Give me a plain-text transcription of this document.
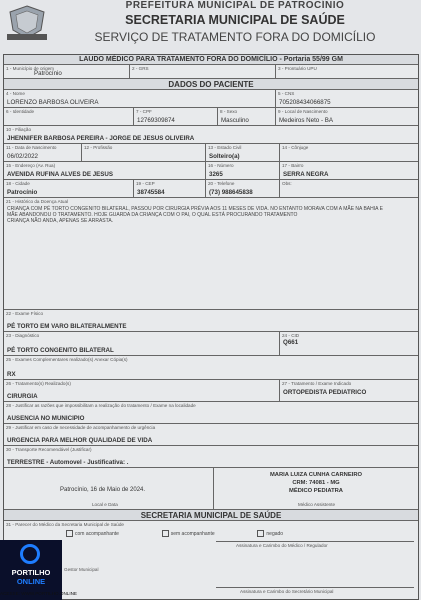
PREFEITURA MUNICIPAL DE PATROCÍNIO
SECRETARIA MUNICIPAL DE SAÚDE
SERVIÇO DE TRATAMENTO FORA DO DOMICÍLIO
LAUDO MÉDICO PARA TRATAMENTO FORA DO DOMICÍLIO - Portaria 55/99 GM
1 - Município de origem
Patrocínio
2 - GRS	3 - Prontuário UPU
DADOS DO PACIENTE
4 - Nome
LORENZO BARBOSA OLIVEIRA
5 - CNS
705208434066875
6 - Identidade	7 - CPF
12769309874
8 - Sexo
Masculino
9 - Local de Nascimento
Medeiros Neto - BA
10 - Filiação
JHENNIFER BARBOSA PEREIRA - JORGE DE JESUS OLIVEIRA
11 - Data de Nascimento
06/02/2022
12 - Profissão	13 - Estado Civil
Solteiro(a)
14 - Cônjuge
15 - Endereço (Av. Rua)
AVENIDA RUFINA ALVES DE JESUS
16 - Número
3265
17 - Bairro
SERRA NEGRA
18 - Cidade
Patrocínio
19 - CEP
38745584
20 - Telefone
(73) 988645838
Obs:
21 - Histórico da Doença Atual
CRIANÇA COM PÉ TORTO CONGENITO BILATERAL, PASSOU POR CIRURGIA PRÉVIA AOS 11 MESES DE VIDA. NO ENTANTO MORAVA COM A MÃE NA BAHIA E
MÃE ABANDONOU O TRATAMENTO. HOJE GUARDA DA CRIANÇA COM O PAI, O QUAL ESTÁ PROCURANDO TRATAMENTO
CRIANÇA NÃO ANDA, APENAS SE ARRASTA.
22 - Exame Físico
PÉ TORTO EM VARO BILATERALMENTE
23 - Diagnóstico
PÉ TORTO CONGENITO BILATERAL
24 - CID
Q661
25 - Exames Complementares realizado(s) Anexar Cópia(s)
RX
26 - Tratamento(s) Realizado(s)
CIRURGIA
27 - Tratamento / Exame Indicado
ORTOPEDISTA PEDIATRICO
28 - Justificar as razões que impossibilitam a realização do tratamento / Exame na localidade
AUSENCIA NO MUNICIPIO
29 - Justificar em caso de necessidade de acompanhamento de urgência
URGENCIA PARA MELHOR QUALIDADE DE VIDA
30 - Transporte Recomendável (Justificar)
TERRESTRE - Automovel - Justificativa: .
Patrocínio, 16 de Maio de 2024.
Local e Data
MARIA LUIZA CUNHA CARNEIRO
CRM: 74081 - MG
MÉDICO PEDIATRA
Médico Assistente
SECRETARIA MUNICIPAL DE SAÚDE
31 - Parecer do Médico da Secretaria Municipal de Saúde
com acompanhante	sem acompanhante	negado
Assinatura e Carimbo do Médico / Regulador
Gestor Municipal
Assinatura e Carimbo do Secretário Municipal
PORTILHO
ONLINE
ACESSE: WWW.PORTILHO.ONLINE
